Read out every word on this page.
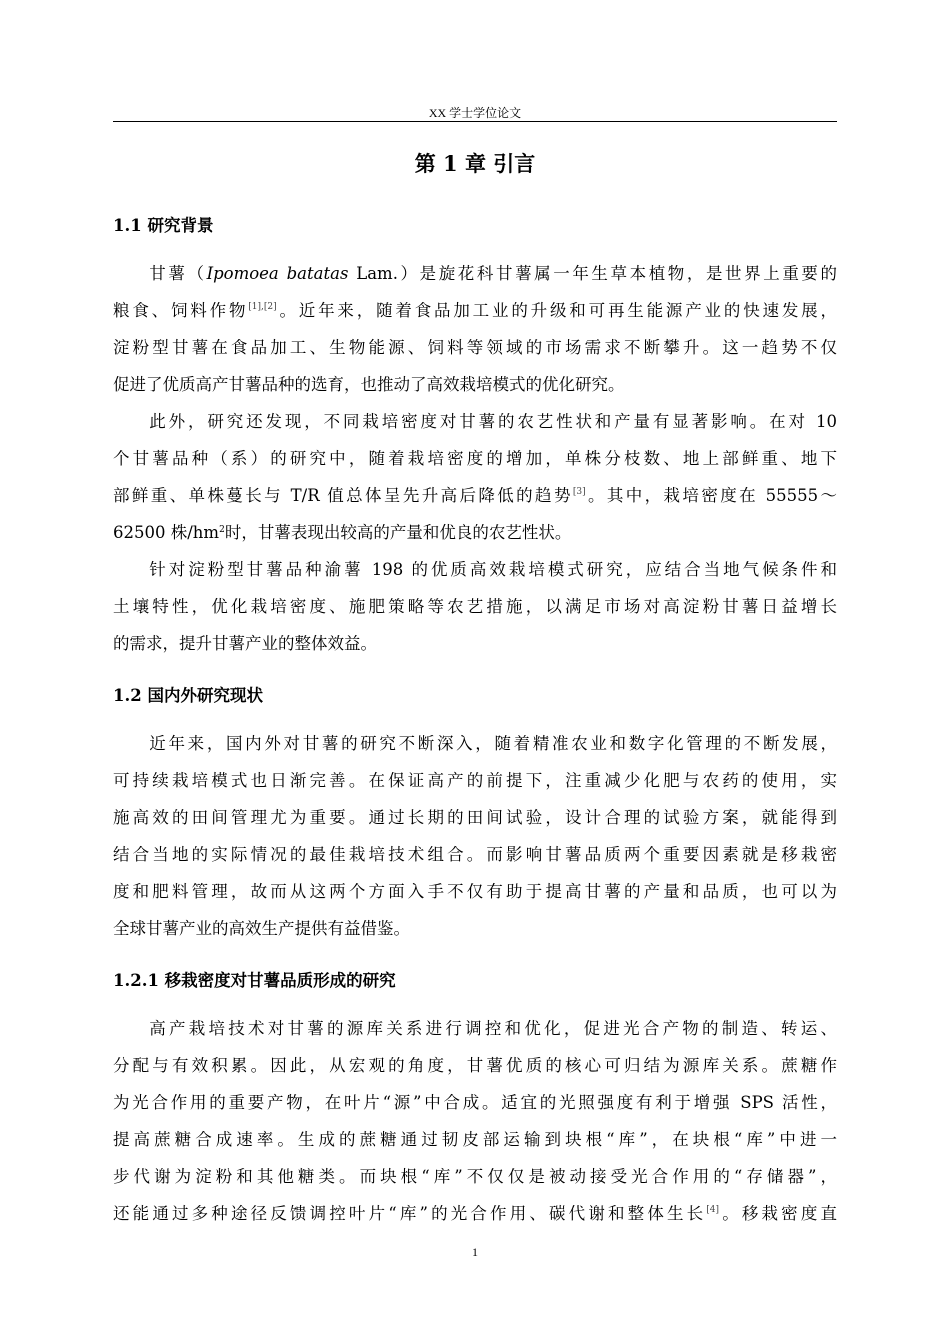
XX 学士学位论文
第 1 章 引言
1.1 研究背景
甘薯（Ipomoea batatas Lam.）是旋花科甘薯属一年生草本植物，是世界上重要的
粮食、饲料作物[1],[2]。近年来，随着食品加工业的升级和可再生能源产业的快速发展，
淀粉型甘薯在食品加工、生物能源、饲料等领域的市场需求不断攀升。这一趋势不仅
促进了优质高产甘薯品种的选育，也推动了高效栽培模式的优化研究。
此外，研究还发现，不同栽培密度对甘薯的农艺性状和产量有显著影响。在对 10
个甘薯品种（系）的研究中，随着栽培密度的增加，单株分枝数、地上部鲜重、地下
部鲜重、单株蔓长与 T/R 值总体呈先升高后降低的趋势[3]。其中，栽培密度在 55555～
62500 株$/hm^2$时，甘薯表现出较高的产量和优良的农艺性状。
针对淀粉型甘薯品种渝薯 198 的优质高效栽培模式研究，应结合当地气候条件和
土壤特性，优化栽培密度、施肥策略等农艺措施，以满足市场对高淀粉甘薯日益增长
的需求，提升甘薯产业的整体效益。
1.2 国内外研究现状
近年来，国内外对甘薯的研究不断深入，随着精准农业和数字化管理的不断发展，
可持续栽培模式也日渐完善。在保证高产的前提下，注重减少化肥与农药的使用，实
施高效的田间管理尤为重要。通过长期的田间试验，设计合理的试验方案，就能得到
结合当地的实际情况的最佳栽培技术组合。而影响甘薯品质两个重要因素就是移栽密
度和肥料管理，故而从这两个方面入手不仅有助于提高甘薯的产量和品质，也可以为
全球甘薯产业的高效生产提供有益借鉴。
1.2.1 移栽密度对甘薯品质形成的研究
高产栽培技术对甘薯的源库关系进行调控和优化，促进光合产物的制造、转运、
分配与有效积累。因此，从宏观的角度，甘薯优质的核心可归结为源库关系。蔗糖作
为光合作用的重要产物，在叶片“源”中合成。适宜的光照强度有利于增强 SPS 活性，
提高蔗糖合成速率。生成的蔗糖通过韧皮部运输到块根“库”，在块根“库”中进一
步代谢为淀粉和其他糖类。而块根“库”不仅仅是被动接受光合作用的“存储器”，
还能通过多种途径反馈调控叶片“库”的光合作用、碳代谢和整体生长[4]。移栽密度直
1
